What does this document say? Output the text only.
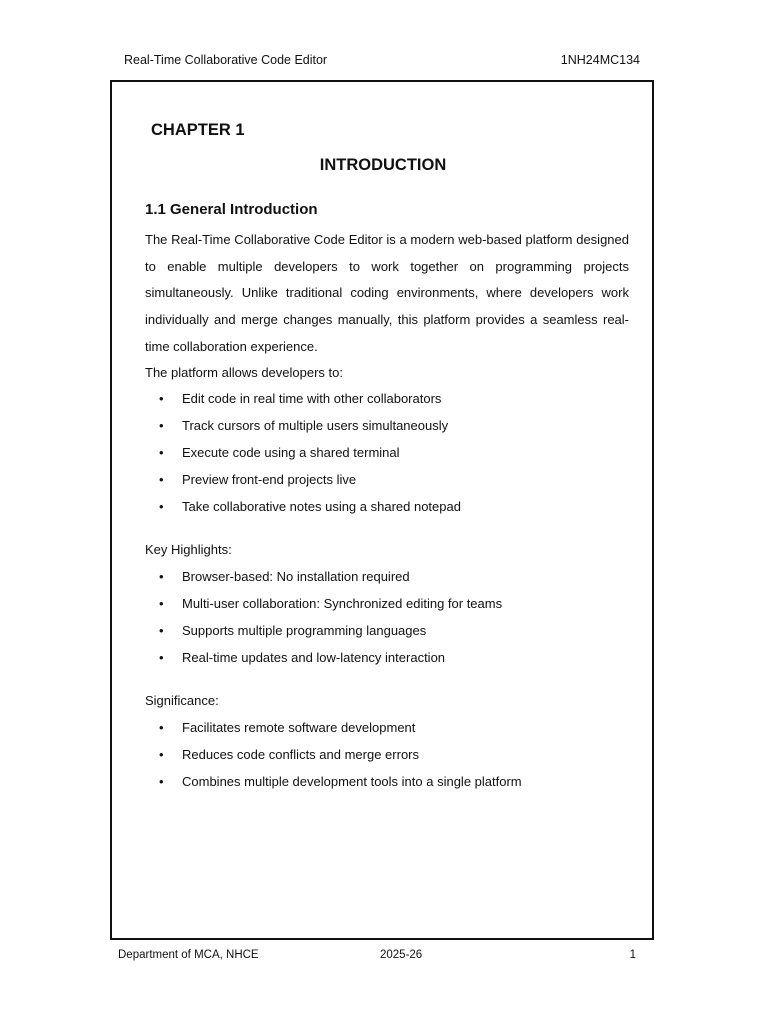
Real-Time Collaborative Code Editor	1NH24MC134
CHAPTER 1
INTRODUCTION
1.1 General Introduction

The Real-Time Collaborative Code Editor is a modern web-based platform designed to enable multiple developers to work together on programming projects simultaneously. Unlike traditional coding environments, where developers work individually and merge changes manually, this platform provides a seamless real-time collaboration experience.

The platform allows developers to:
• Edit code in real time with other collaborators
• Track cursors of multiple users simultaneously
• Execute code using a shared terminal
• Preview front-end projects live
• Take collaborative notes using a shared notepad
Key Highlights:
• Browser-based: No installation required
• Multi-user collaboration: Synchronized editing for teams
• Supports multiple programming languages
• Real-time updates and low-latency interaction
Significance:
• Facilitates remote software development
• Reduces code conflicts and merge errors
• Combines multiple development tools into a single platform
Department of MCA, NHCE	2025-26	1
